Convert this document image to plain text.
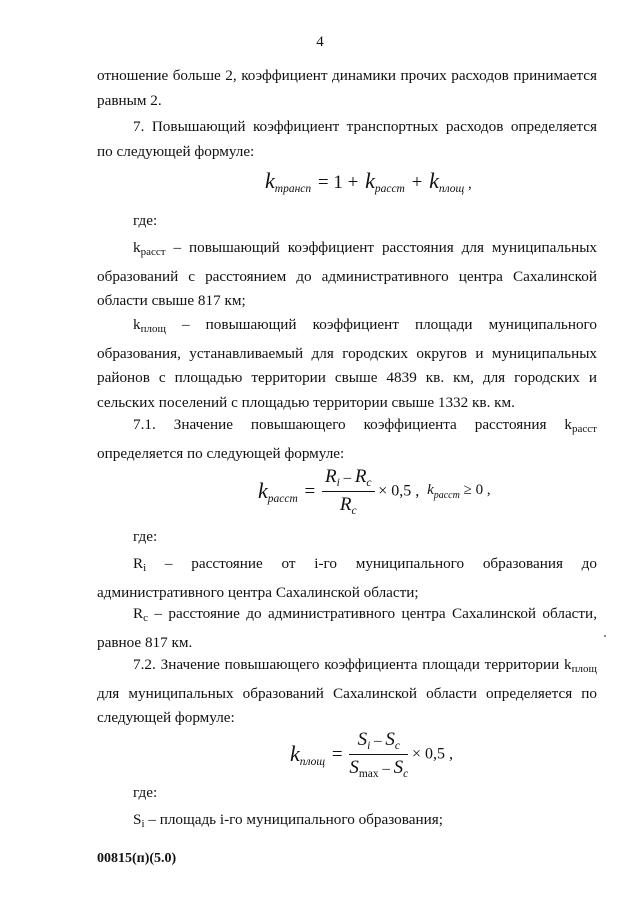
4
отношение больше 2, коэффициент динамики прочих расходов принимается равным 2.
7. Повышающий коэффициент транспортных расходов определяется по следующей формуле:
$k_{трансп} = 1 + k_{расст} + k_{площ}$ ,
где:
kрасст – повышающий коэффициент расстояния для муниципальных образований с расстоянием до административного центра Сахалинской области свыше 817 км;
kплощ – повышающий коэффициент площади муниципального образования, устанавливаемый для городских округов и муниципальных районов с площадью территории свыше 4839 кв. км, для городских и сельских поселений с площадью территории свыше 1332 кв. км.
7.1. Значение повышающего коэффициента расстояния kрасст определяется по следующей формуле:
$k_{расст} = \frac{R_i - R_c}{R_c} \times 0,5$ , $k_{расст} \ge 0$ ,
где:
Ri – расстояние от i-го муниципального образования до административного центра Сахалинской области;
Rc – расстояние до административного центра Сахалинской области, равное 817 км.
7.2. Значение повышающего коэффициента площади территории kплощ для муниципальных образований Сахалинской области определяется по следующей формуле:
$k_{площ} = \frac{S_i - S_c}{S_{max} - S_c} \times 0,5$ ,
где:
Si – площадь i-го муниципального образования;
00815(п)(5.0)
